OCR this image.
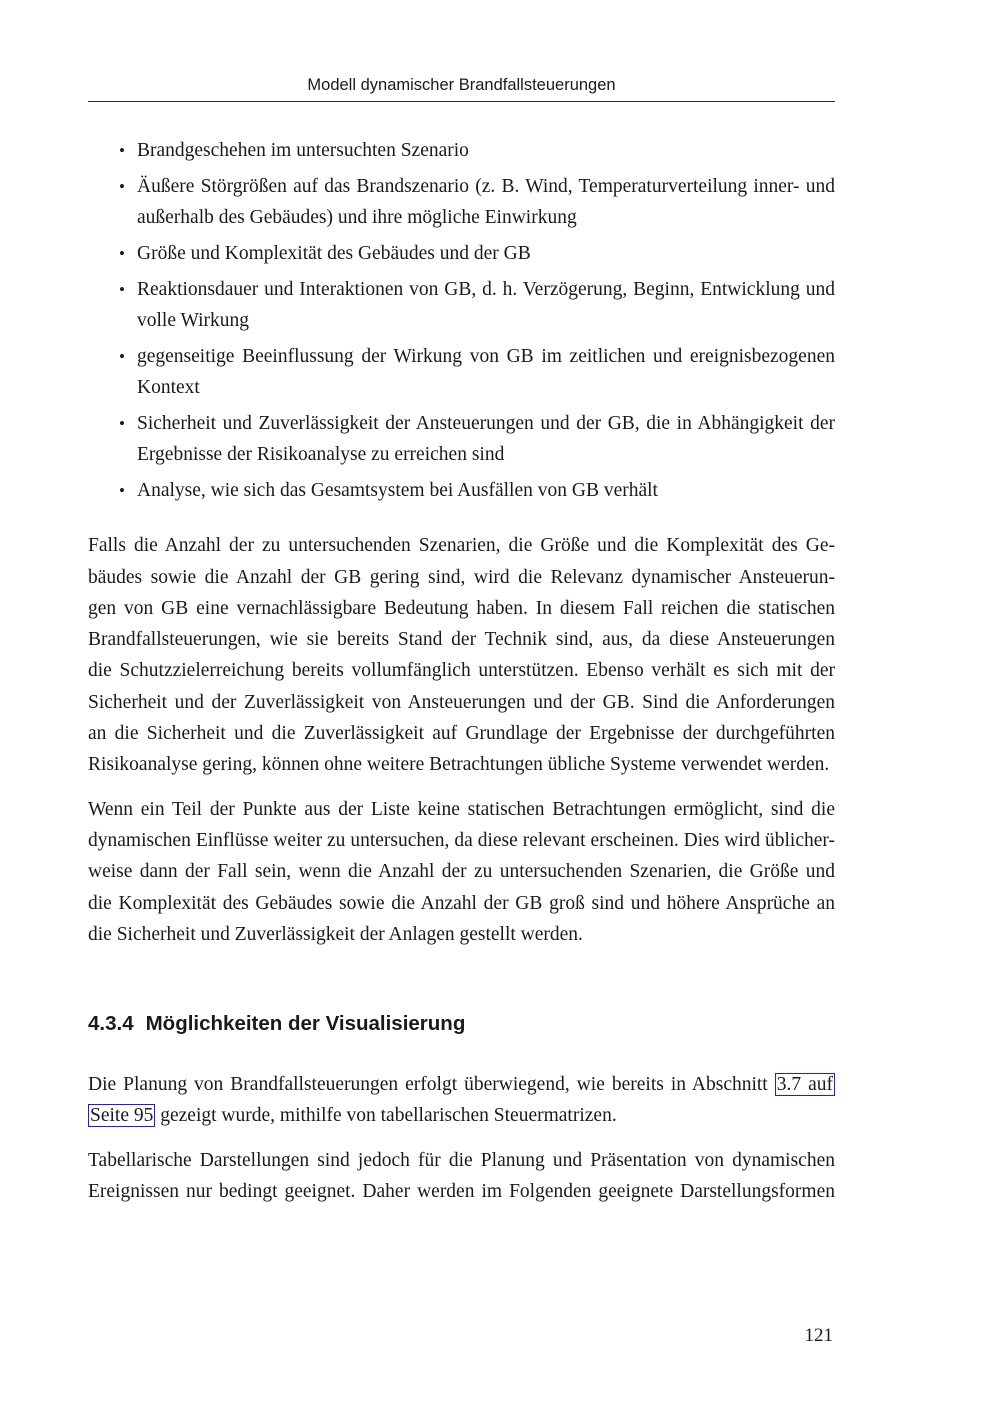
Modell dynamischer Brandfallsteuerungen
• Brandgeschehen im untersuchten Szenario
• Äußere Störgrößen auf das Brandszenario (z. B. Wind, Temperaturverteilung inner- und
außerhalb des Gebäudes) und ihre mögliche Einwirkung
• Größe und Komplexität des Gebäudes und der GB
• Reaktionsdauer und Interaktionen von GB, d. h. Verzögerung, Beginn, Entwicklung und
volle Wirkung
• gegenseitige Beeinflussung der Wirkung von GB im zeitlichen und ereignisbezogenen
Kontext
• Sicherheit und Zuverlässigkeit der Ansteuerungen und der GB, die in Abhängigkeit der
Ergebnisse der Risikoanalyse zu erreichen sind
• Analyse, wie sich das Gesamtsystem bei Ausfällen von GB verhält
Falls die Anzahl der zu untersuchenden Szenarien, die Größe und die Komplexität des Ge-
bäudes sowie die Anzahl der GB gering sind, wird die Relevanz dynamischer Ansteuerun-
gen von GB eine vernachlässigbare Bedeutung haben. In diesem Fall reichen die statischen
Brandfallsteuerungen, wie sie bereits Stand der Technik sind, aus, da diese Ansteuerungen
die Schutzzielerreichung bereits vollumfänglich unterstützen. Ebenso verhält es sich mit der
Sicherheit und der Zuverlässigkeit von Ansteuerungen und der GB. Sind die Anforderungen
an die Sicherheit und die Zuverlässigkeit auf Grundlage der Ergebnisse der durchgeführten
Risikoanalyse gering, können ohne weitere Betrachtungen übliche Systeme verwendet werden.
Wenn ein Teil der Punkte aus der Liste keine statischen Betrachtungen ermöglicht, sind die
dynamischen Einflüsse weiter zu untersuchen, da diese relevant erscheinen. Dies wird üblicher-
weise dann der Fall sein, wenn die Anzahl der zu untersuchenden Szenarien, die Größe und
die Komplexität des Gebäudes sowie die Anzahl der GB groß sind und höhere Ansprüche an
die Sicherheit und Zuverlässigkeit der Anlagen gestellt werden.
4.3.4 Möglichkeiten der Visualisierung
Die Planung von Brandfallsteuerungen erfolgt überwiegend, wie bereits in Abschnitt 3.7 auf
Seite 95 gezeigt wurde, mithilfe von tabellarischen Steuermatrizen.
Tabellarische Darstellungen sind jedoch für die Planung und Präsentation von dynamischen
Ereignissen nur bedingt geeignet. Daher werden im Folgenden geeignete Darstellungsformen
121
